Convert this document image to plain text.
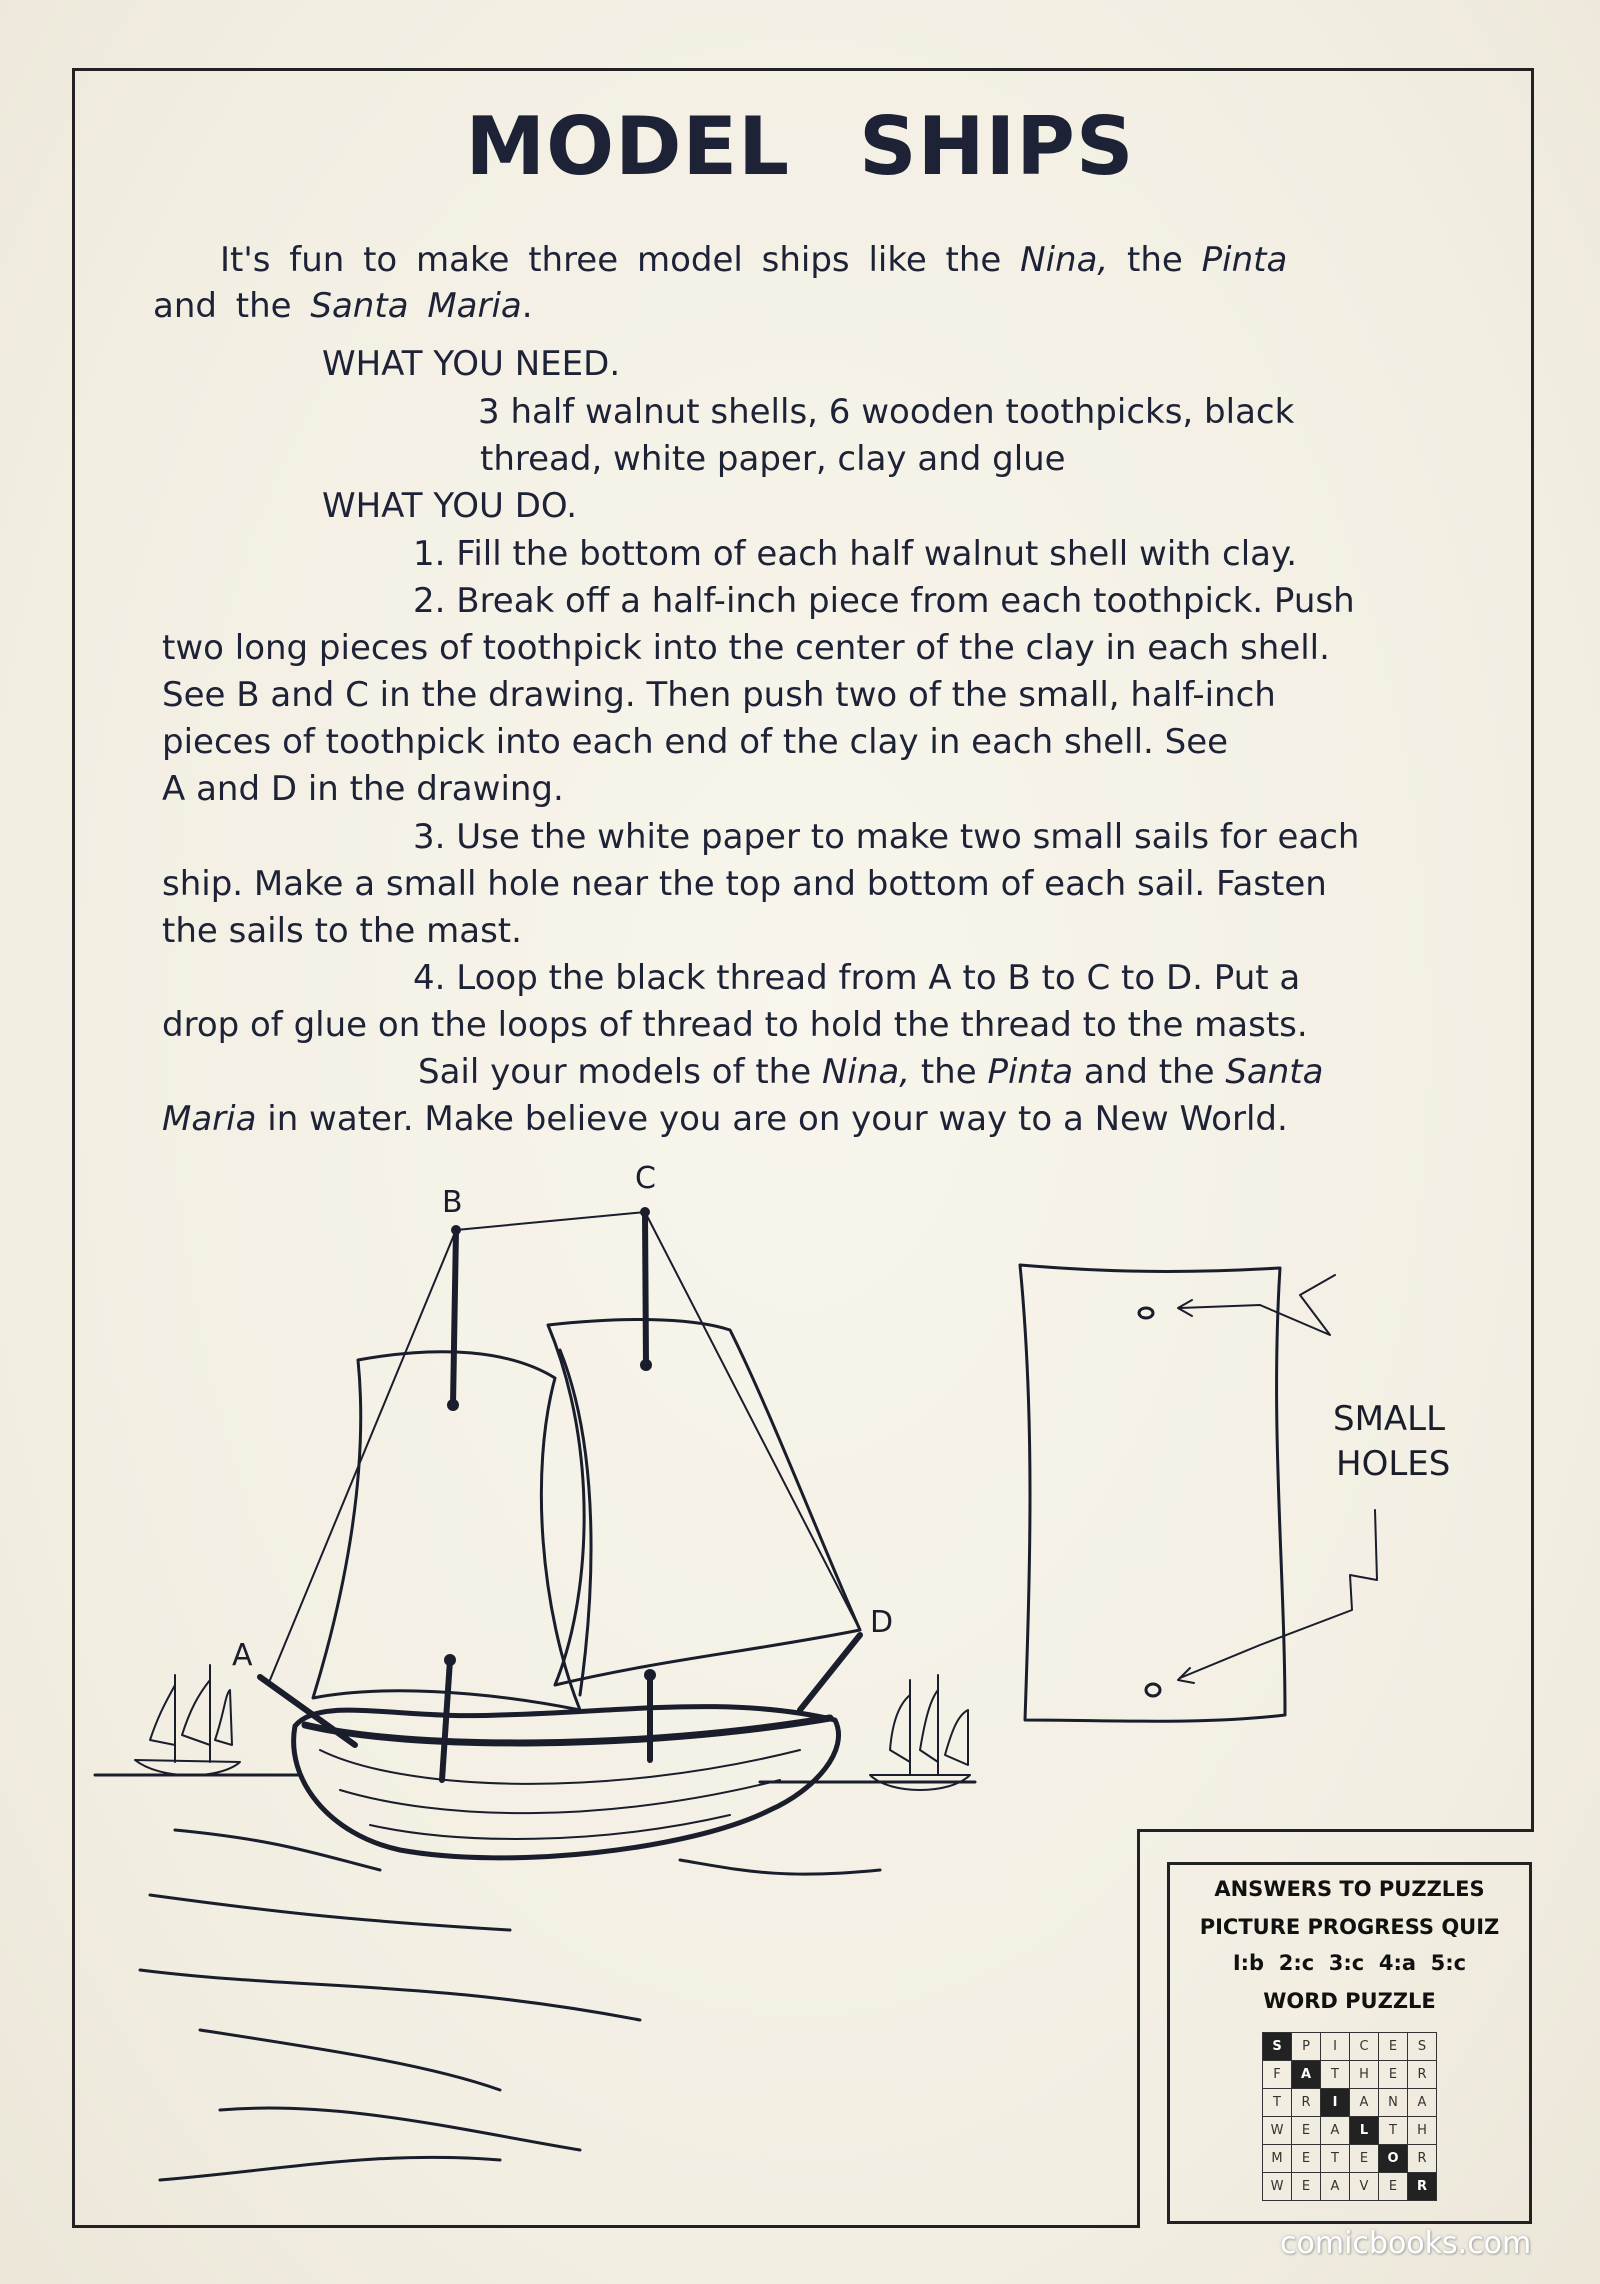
MODEL SHIPS
It's fun to make three model ships like the Nina, the Pinta
and the Santa Maria.
WHAT YOU NEED.
3 half walnut shells, 6 wooden toothpicks, black
thread, white paper, clay and glue
WHAT YOU DO.
1. Fill the bottom of each half walnut shell with clay.
2. Break off a half-inch piece from each toothpick. Push
two long pieces of toothpick into the center of the clay in each shell.
See B and C in the drawing. Then push two of the small, half-inch
pieces of toothpick into each end of the clay in each shell. See
A and D in the drawing.
3. Use the white paper to make two small sails for each
ship. Make a small hole near the top and bottom of each sail. Fasten
the sails to the mast.
4. Loop the black thread from A to B to C to D. Put a
drop of glue on the loops of thread to hold the thread to the masts.
Sail your models of the Nina, the Pinta and the Santa
Maria in water. Make believe you are on your way to a New World.
A
B
C
D
SMALL
HOLES
ANSWERS TO PUZZLES
PICTURE PROGRESS QUIZ
I:b  2:c  3:c  4:a  5:c
WORD PUZZLE
S	P	I	C	E	S
F	A	T	H	E	R
T	R	I	A	N	A
W	E	A	L	T	H
M	E	T	E	O	R
W	E	A	V	E	R
comicbooks.com
